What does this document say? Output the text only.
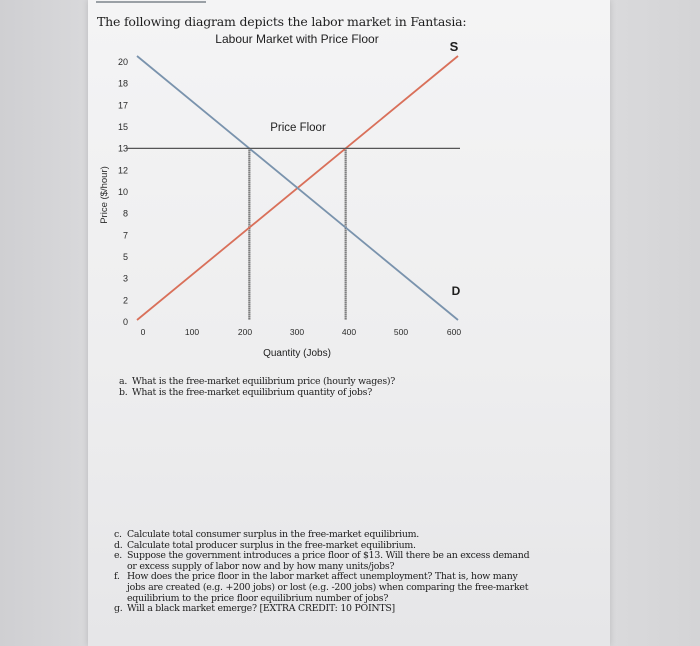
The following diagram depicts the labor market in Fantasia:
Labour Market with Price Floor
20
18
17
15
13
12
10
8
7
5
3
2
0
0	100	200	300	400	500	600
Price ($/hour)
Quantity (Jobs)
Price Floor
S
D
a. What is the free-market equilibrium price (hourly wages)?
b. What is the free-market equilibrium quantity of jobs?
c. Calculate total consumer surplus in the free-market equilibrium.
d. Calculate total producer surplus in the free-market equilibrium.
e. Suppose the government introduces a price floor of $13. Will there be an excess demand
or excess supply of labor now and by how many units/jobs?
f. How does the price floor in the labor market affect unemployment? That is, how many
jobs are created (e.g. +200 jobs) or lost (e.g. -200 jobs) when comparing the free-market
equilibrium to the price floor equilibrium number of jobs?
g. Will a black market emerge? [EXTRA CREDIT: 10 POINTS]
